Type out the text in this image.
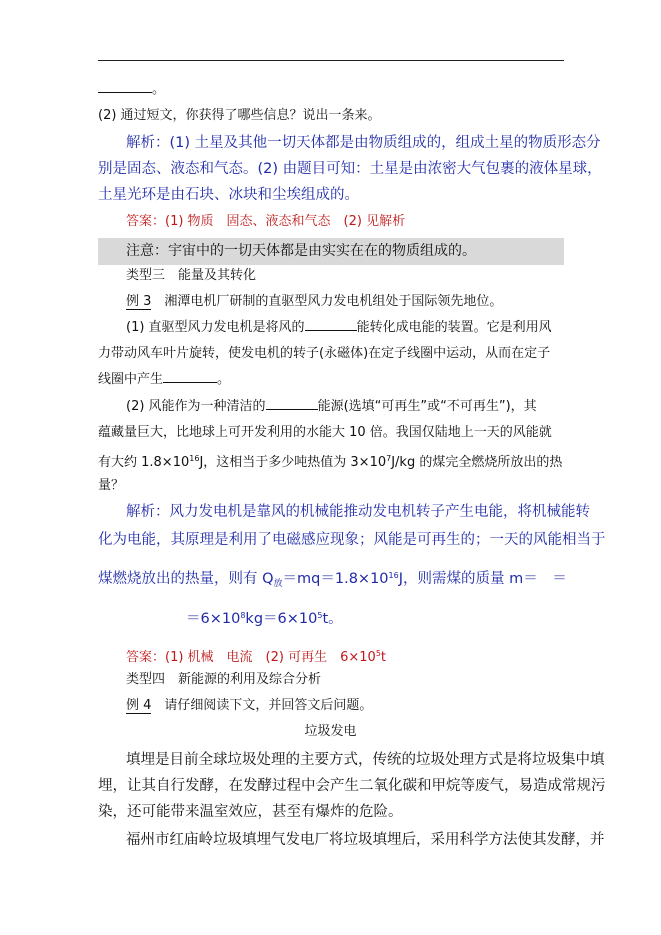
。
(2) 通过短文，你获得了哪些信息？说出一条来。
解析：(1) 土星及其他一切天体都是由物质组成的，组成土星的物质形态分
别是固态、液态和气态。(2) 由题目可知：土星是由浓密大气包裹的液体星球，
土星光环是由石块、冰块和尘埃组成的。
答案：(1) 物质　固态、液态和气态　(2) 见解析
注意：宇宙中的一切天体都是由实实在在的物质组成的。
类型三　能量及其转化
例 3　 湘潭电机厂研制的直驱型风力发电机组处于国际领先地位。
(1) 直驱型风力发电机是将风的	能转化成电能的装置。它是利用风
力带动风车叶片旋转，使发电机的转子(永磁体)在定子线圈中运动，从而在定子
线圈中产生	。
(2) 风能作为一种清洁的	能源(选填“可再生”或“不可再生”)，其
蕴藏量巨大，比地球上可开发利用的水能大 10 倍。我国仅陆地上一天的风能就
有大约 $1.8\times 10^{16}J$，这相当于多少吨热值为 $3\times 10^7J/kg$ 的煤完全燃烧所放出的热
量？
解析：风力发电机是靠风的机械能推动发电机转子产生电能，将机械能转
化为电能，其原理是利用了电磁感应现象；风能是可再生的；一天的风能相当于
煤燃烧放出的热量，则有 $Q_放=mq=1.8\times 10^{16}J$，则需煤的质量 m＝　＝
$=6\times 10^8kg=6\times 10^5t$。
答案：(1) 机械　电流　(2) 可再生　$6\times 10^5t$
类型四　新能源的利用及综合分析
例 4　 请仔细阅读下文，并回答文后问题。
垃圾发电
填埋是目前全球垃圾处理的主要方式，传统的垃圾处理方式是将垃圾集中填
埋，让其自行发酵，在发酵过程中会产生二氧化碳和甲烷等废气，易造成常规污
染，还可能带来温室效应，甚至有爆炸的危险。
福州市红庙岭垃圾填埋气发电厂将垃圾填埋后，采用科学方法使其发酵，并
